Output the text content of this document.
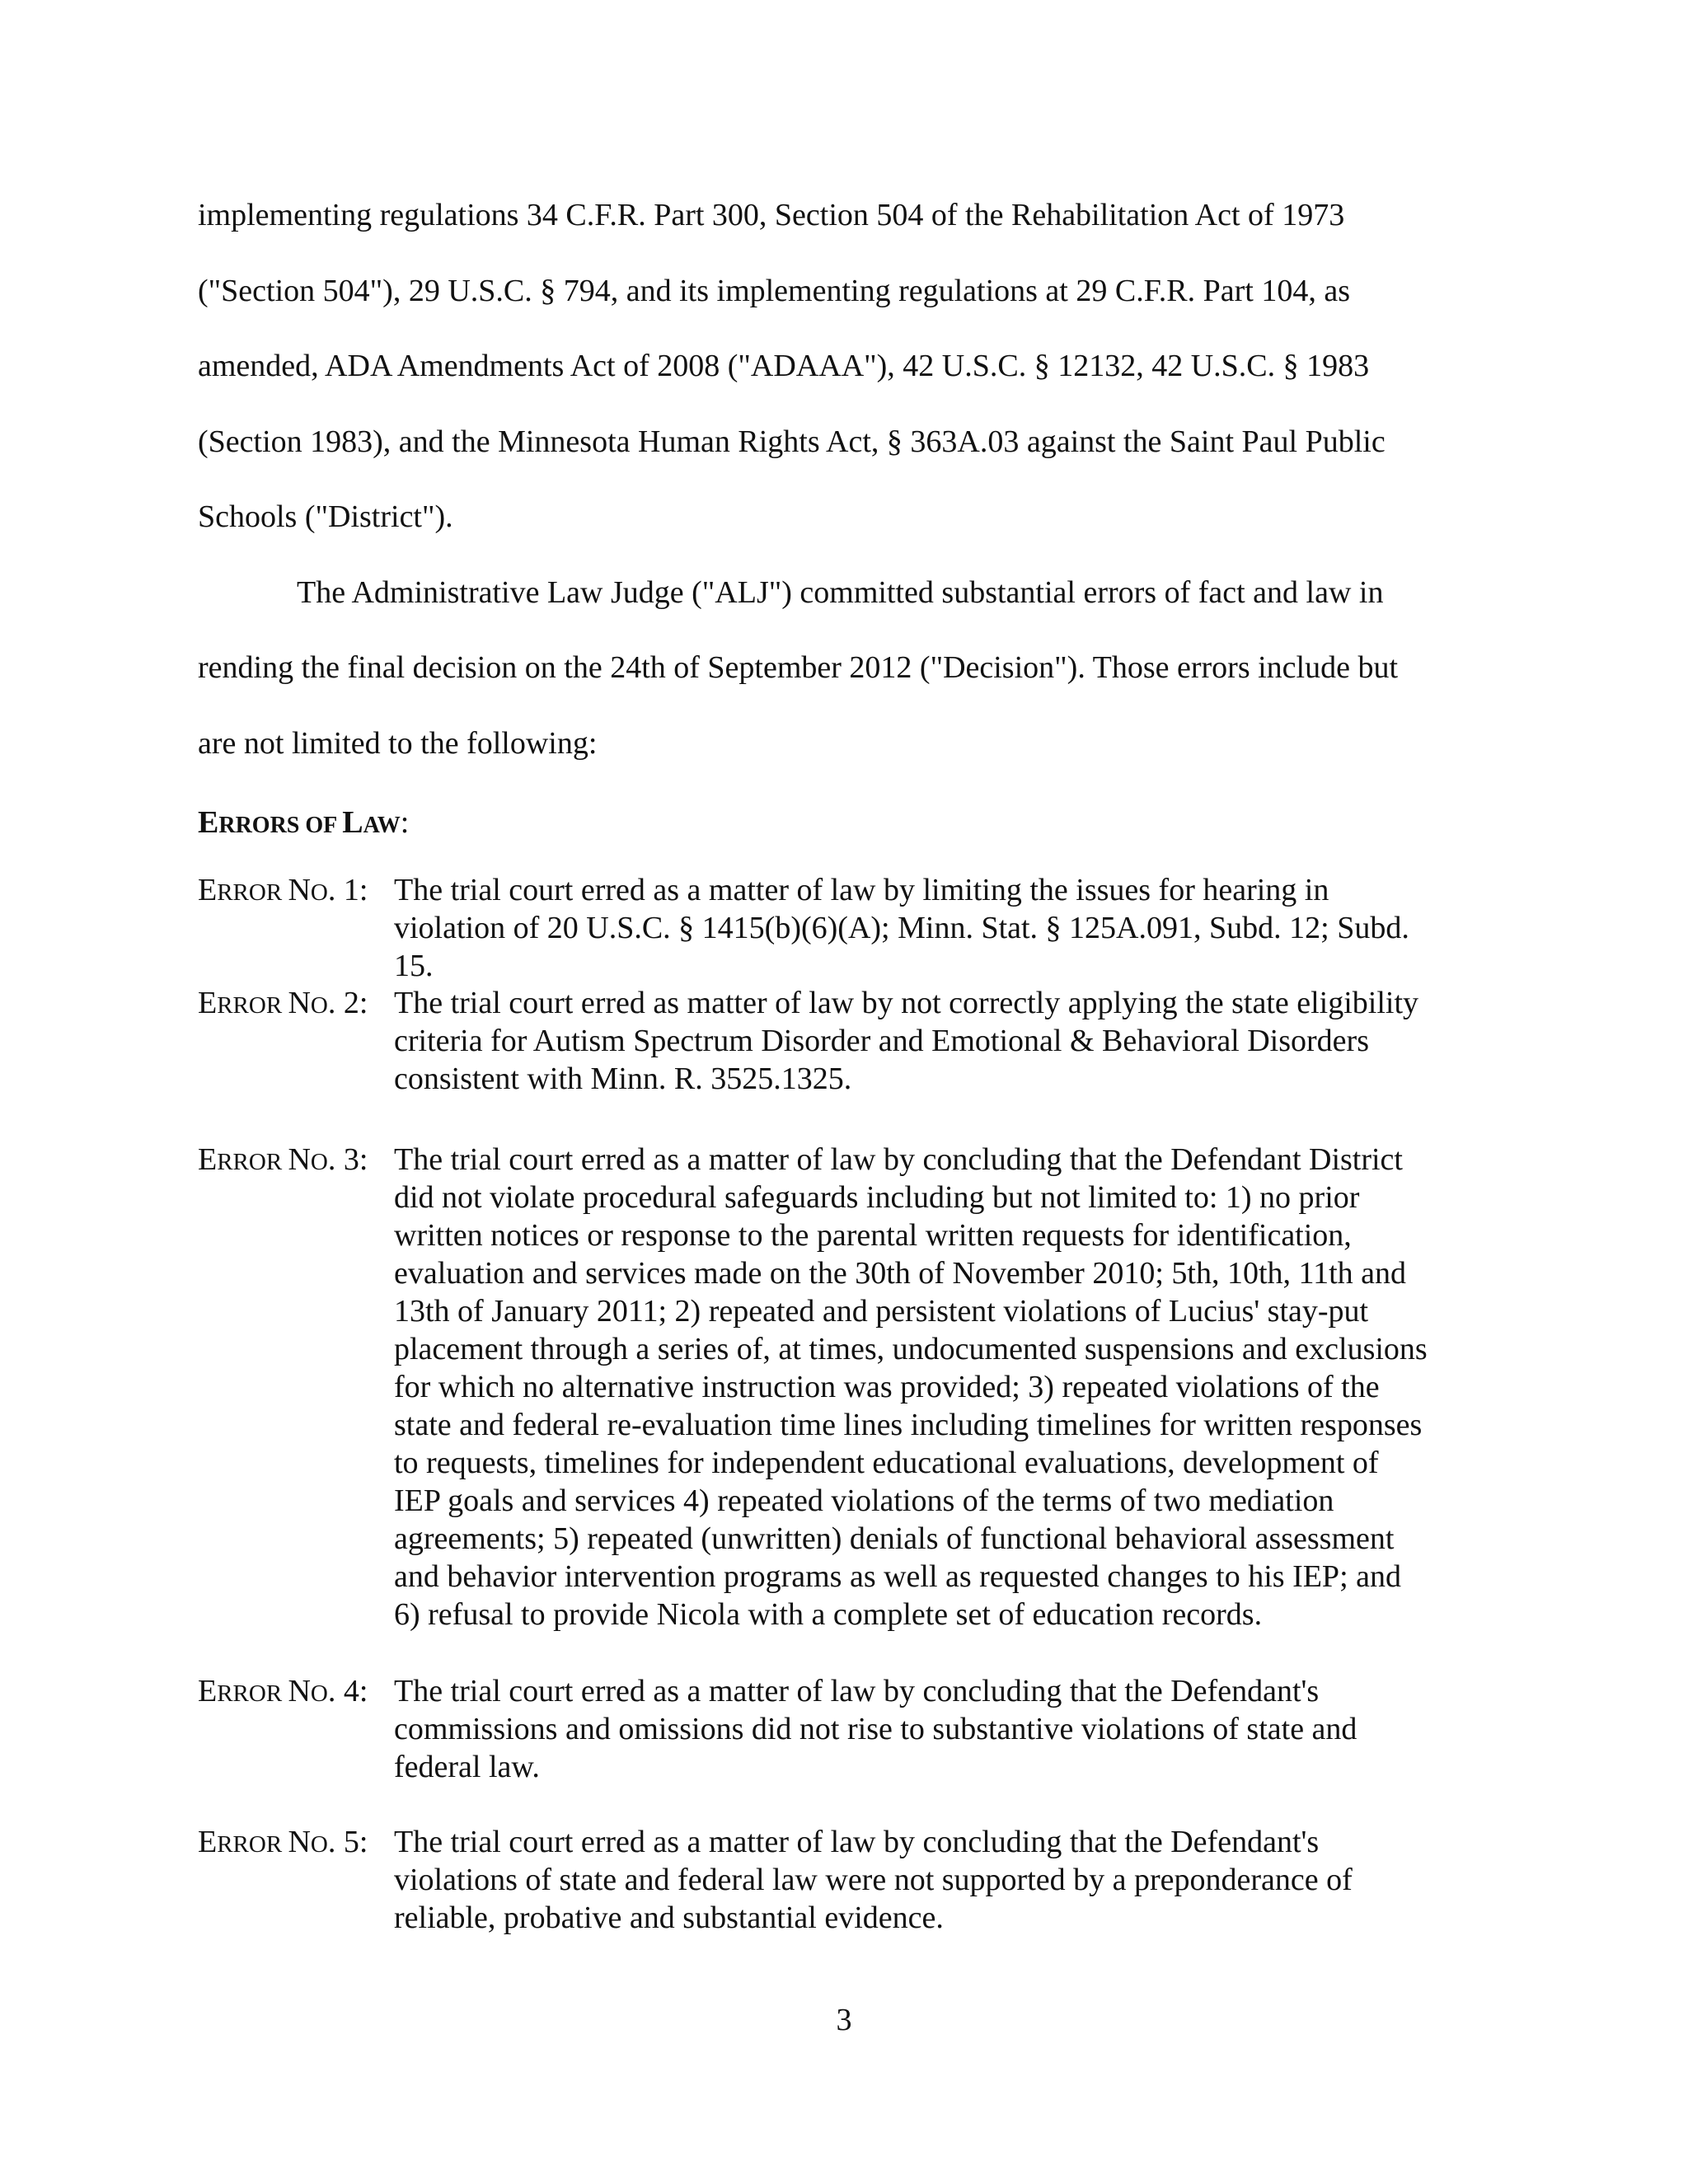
implementing regulations 34 C.F.R. Part 300, Section 504 of the Rehabilitation Act of 1973
("Section 504"), 29 U.S.C. § 794, and its implementing regulations at 29 C.F.R. Part 104, as
amended, ADA Amendments Act of 2008 ("ADAAA"), 42 U.S.C. § 12132, 42 U.S.C. § 1983
(Section 1983), and the Minnesota Human Rights Act, § 363A.03 against the Saint Paul Public
Schools ("District").
The Administrative Law Judge ("ALJ") committed substantial errors of fact and law in
rending the final decision on the 24th of September 2012 ("Decision"). Those errors include but
are not limited to the following:
ERRORS OF LAW:
ERROR NO. 1: The trial court erred as a matter of law by limiting the issues for hearing in
violation of 20 U.S.C. § 1415(b)(6)(A); Minn. Stat. § 125A.091, Subd. 12; Subd.
15.
ERROR NO. 2: The trial court erred as matter of law by not correctly applying the state eligibility
criteria for Autism Spectrum Disorder and Emotional & Behavioral Disorders
consistent with Minn. R. 3525.1325.
ERROR NO. 3: The trial court erred as a matter of law by concluding that the Defendant District
did not violate procedural safeguards including but not limited to: 1) no prior
written notices or response to the parental written requests for identification,
evaluation and services made on the 30th of November 2010; 5th, 10th, 11th and
13th of January 2011; 2) repeated and persistent violations of Lucius' stay-put
placement through a series of, at times, undocumented suspensions and exclusions
for which no alternative instruction was provided; 3) repeated violations of the
state and federal re-evaluation time lines including timelines for written responses
to requests, timelines for independent educational evaluations, development of
IEP goals and services 4) repeated violations of the terms of two mediation
agreements; 5) repeated (unwritten) denials of functional behavioral assessment
and behavior intervention programs as well as requested changes to his IEP; and
6) refusal to provide Nicola with a complete set of education records.
ERROR NO. 4: The trial court erred as a matter of law by concluding that the Defendant's
commissions and omissions did not rise to substantive violations of state and
federal law.
ERROR NO. 5: The trial court erred as a matter of law by concluding that the Defendant's
violations of state and federal law were not supported by a preponderance of
reliable, probative and substantial evidence.
3
